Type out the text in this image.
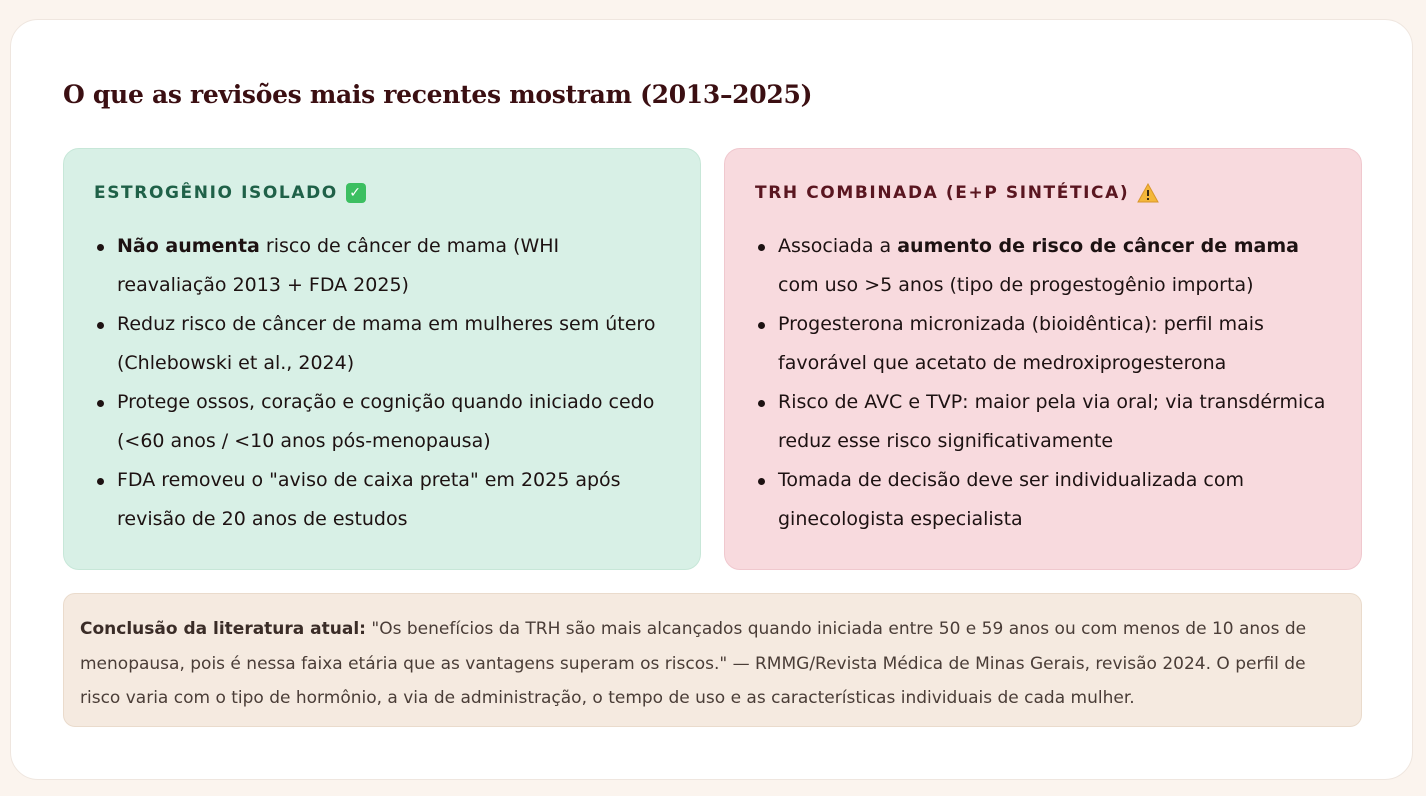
O que as revisões mais recentes mostram (2013–2025)
ESTROGÊNIO ISOLADO ✓
Não aumenta risco de câncer de mama (WHI reavaliação 2013 + FDA 2025)
Reduz risco de câncer de mama em mulheres sem útero (Chlebowski et al., 2024)
Protege ossos, coração e cognição quando iniciado cedo (<60 anos / <10 anos pós-menopausa)
FDA removeu o "aviso de caixa preta" em 2025 após revisão de 20 anos de estudos
TRH COMBINADA (E+P SINTÉTICA)
Associada a aumento de risco de câncer de mama com uso >5 anos (tipo de progestogênio importa)
Progesterona micronizada (bioidêntica): perfil mais favorável que acetato de medroxiprogesterona
Risco de AVC e TVP: maior pela via oral; via transdérmica reduz esse risco significativamente
Tomada de decisão deve ser individualizada com ginecologista especialista
Conclusão da literatura atual: "Os benefícios da TRH são mais alcançados quando iniciada entre 50 e 59 anos ou com menos de 10 anos de menopausa, pois é nessa faixa etária que as vantagens superam os riscos." — RMMG/Revista Médica de Minas Gerais, revisão 2024. O perfil de risco varia com o tipo de hormônio, a via de administração, o tempo de uso e as características individuais de cada mulher.
